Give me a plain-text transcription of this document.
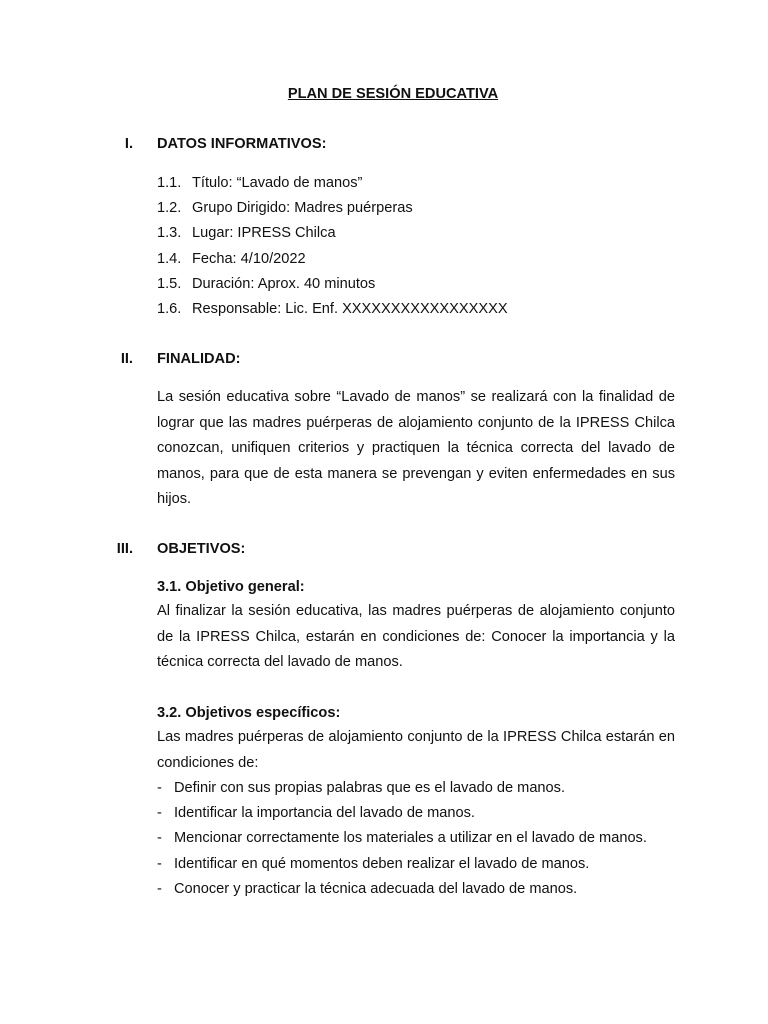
PLAN DE SESIÓN EDUCATIVA
I. DATOS INFORMATIVOS:
1.1. Título: “Lavado de manos”
1.2. Grupo Dirigido: Madres puérperas
1.3. Lugar: IPRESS Chilca
1.4. Fecha: 4/10/2022
1.5. Duración: Aprox. 40 minutos
1.6. Responsable: Lic. Enf. XXXXXXXXXXXXXXXXX
II. FINALIDAD:

La sesión educativa sobre “Lavado de manos” se realizará con la finalidad de lograr que las madres puérperas de alojamiento conjunto de la IPRESS Chilca conozcan, unifiquen criterios y practiquen la técnica correcta del lavado de manos, para que de esta manera se prevengan y eviten enfermedades en sus hijos.

III. OBJETIVOS:
3.1. Objetivo general:

Al finalizar la sesión educativa, las madres puérperas de alojamiento conjunto de la IPRESS Chilca, estarán en condiciones de: Conocer la importancia y la técnica correcta del lavado de manos.

3.2. Objetivos específicos:

Las madres puérperas de alojamiento conjunto de la IPRESS Chilca estarán en condiciones de:

- Definir con sus propias palabras que es el lavado de manos.
- Identificar la importancia del lavado de manos.
- Mencionar correctamente los materiales a utilizar en el lavado de manos.
- Identificar en qué momentos deben realizar el lavado de manos.
- Conocer y practicar la técnica adecuada del lavado de manos.
